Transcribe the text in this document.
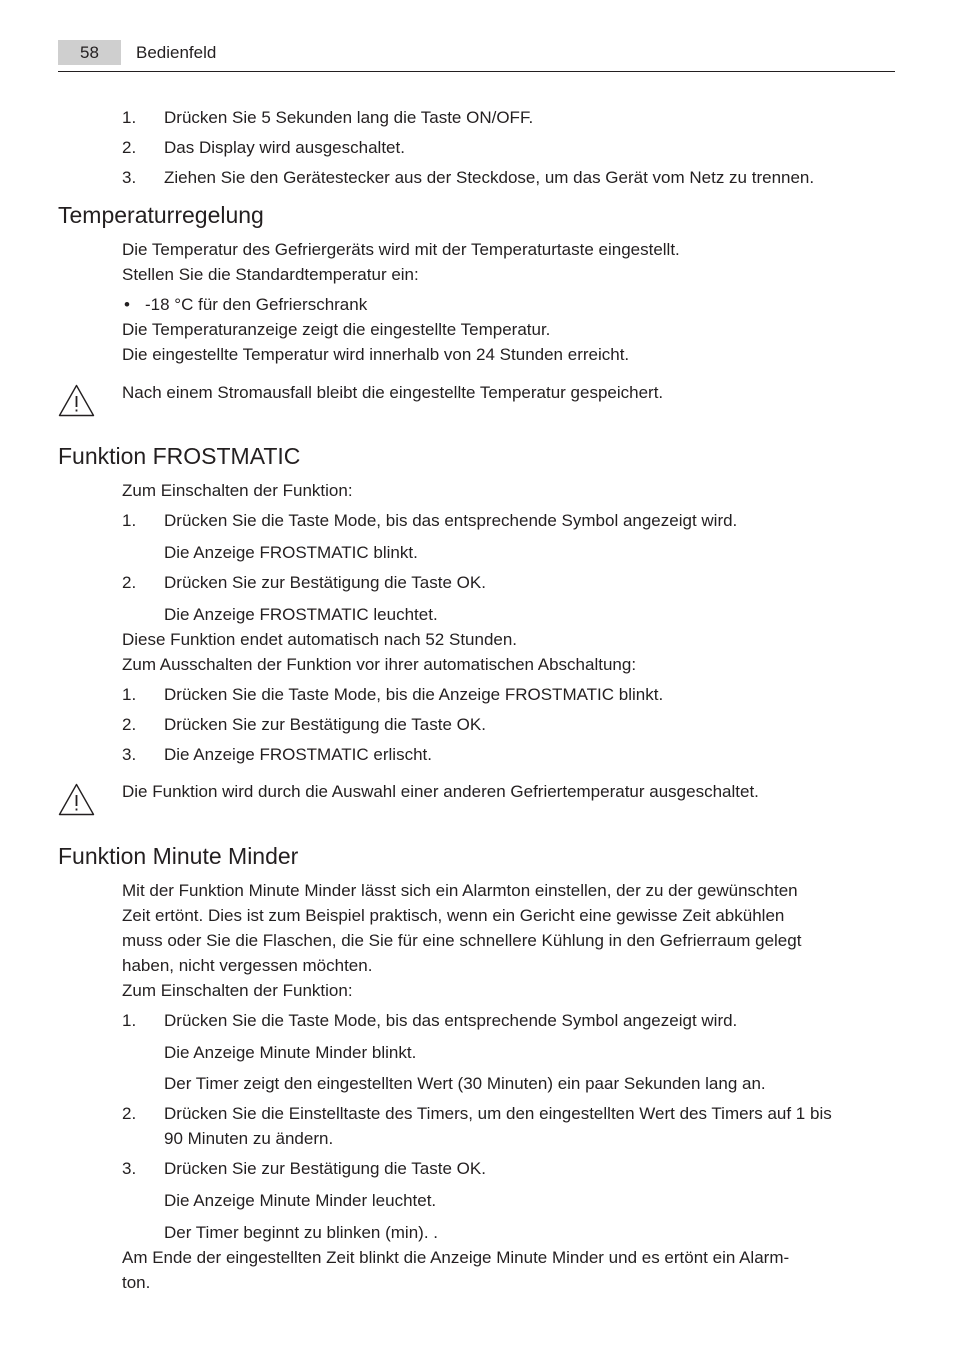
58	Bedienfeld
1. Drücken Sie 5 Sekunden lang die Taste ON/OFF.

2. Das Display wird ausgeschaltet.

3. Ziehen Sie den Gerätestecker aus der Steckdose, um das Gerät vom Netz zu trennen.

Temperaturregelung

Die Temperatur des Gefriergeräts wird mit der Temperaturtaste eingestellt.

Stellen Sie die Standardtemperatur ein:

• -18 °C für den Gefrierschrank

Die Temperaturanzeige zeigt die eingestellte Temperatur.

Die eingestellte Temperatur wird innerhalb von 24 Stunden erreicht.

Nach einem Stromausfall bleibt die eingestellte Temperatur gespeichert.

Funktion FROSTMATIC

Zum Einschalten der Funktion:

1. Drücken Sie die Taste Mode, bis das entsprechende Symbol angezeigt wird.

Die Anzeige FROSTMATIC blinkt.

2. Drücken Sie zur Bestätigung die Taste OK.

Die Anzeige FROSTMATIC leuchtet.

Diese Funktion endet automatisch nach 52 Stunden.

Zum Ausschalten der Funktion vor ihrer automatischen Abschaltung:

1. Drücken Sie die Taste Mode, bis die Anzeige FROSTMATIC blinkt.

2. Drücken Sie zur Bestätigung die Taste OK.

3. Die Anzeige FROSTMATIC erlischt.

Die Funktion wird durch die Auswahl einer anderen Gefriertemperatur ausgeschaltet.

Funktion Minute Minder

Mit der Funktion Minute Minder lässt sich ein Alarmton einstellen, der zu der gewünschten

Zeit ertönt. Dies ist zum Beispiel praktisch, wenn ein Gericht eine gewisse Zeit abkühlen

muss oder Sie die Flaschen, die Sie für eine schnellere Kühlung in den Gefrierraum gelegt

haben, nicht vergessen möchten.

Zum Einschalten der Funktion:

1. Drücken Sie die Taste Mode, bis das entsprechende Symbol angezeigt wird.

Die Anzeige Minute Minder blinkt.

Der Timer zeigt den eingestellten Wert (30 Minuten) ein paar Sekunden lang an.

2. Drücken Sie die Einstelltaste des Timers, um den eingestellten Wert des Timers auf 1 bis

90 Minuten zu ändern.

3. Drücken Sie zur Bestätigung die Taste OK.

Die Anzeige Minute Minder leuchtet.

Der Timer beginnt zu blinken (min). .

Am Ende der eingestellten Zeit blinkt die Anzeige Minute Minder und es ertönt ein Alarm-

ton.
